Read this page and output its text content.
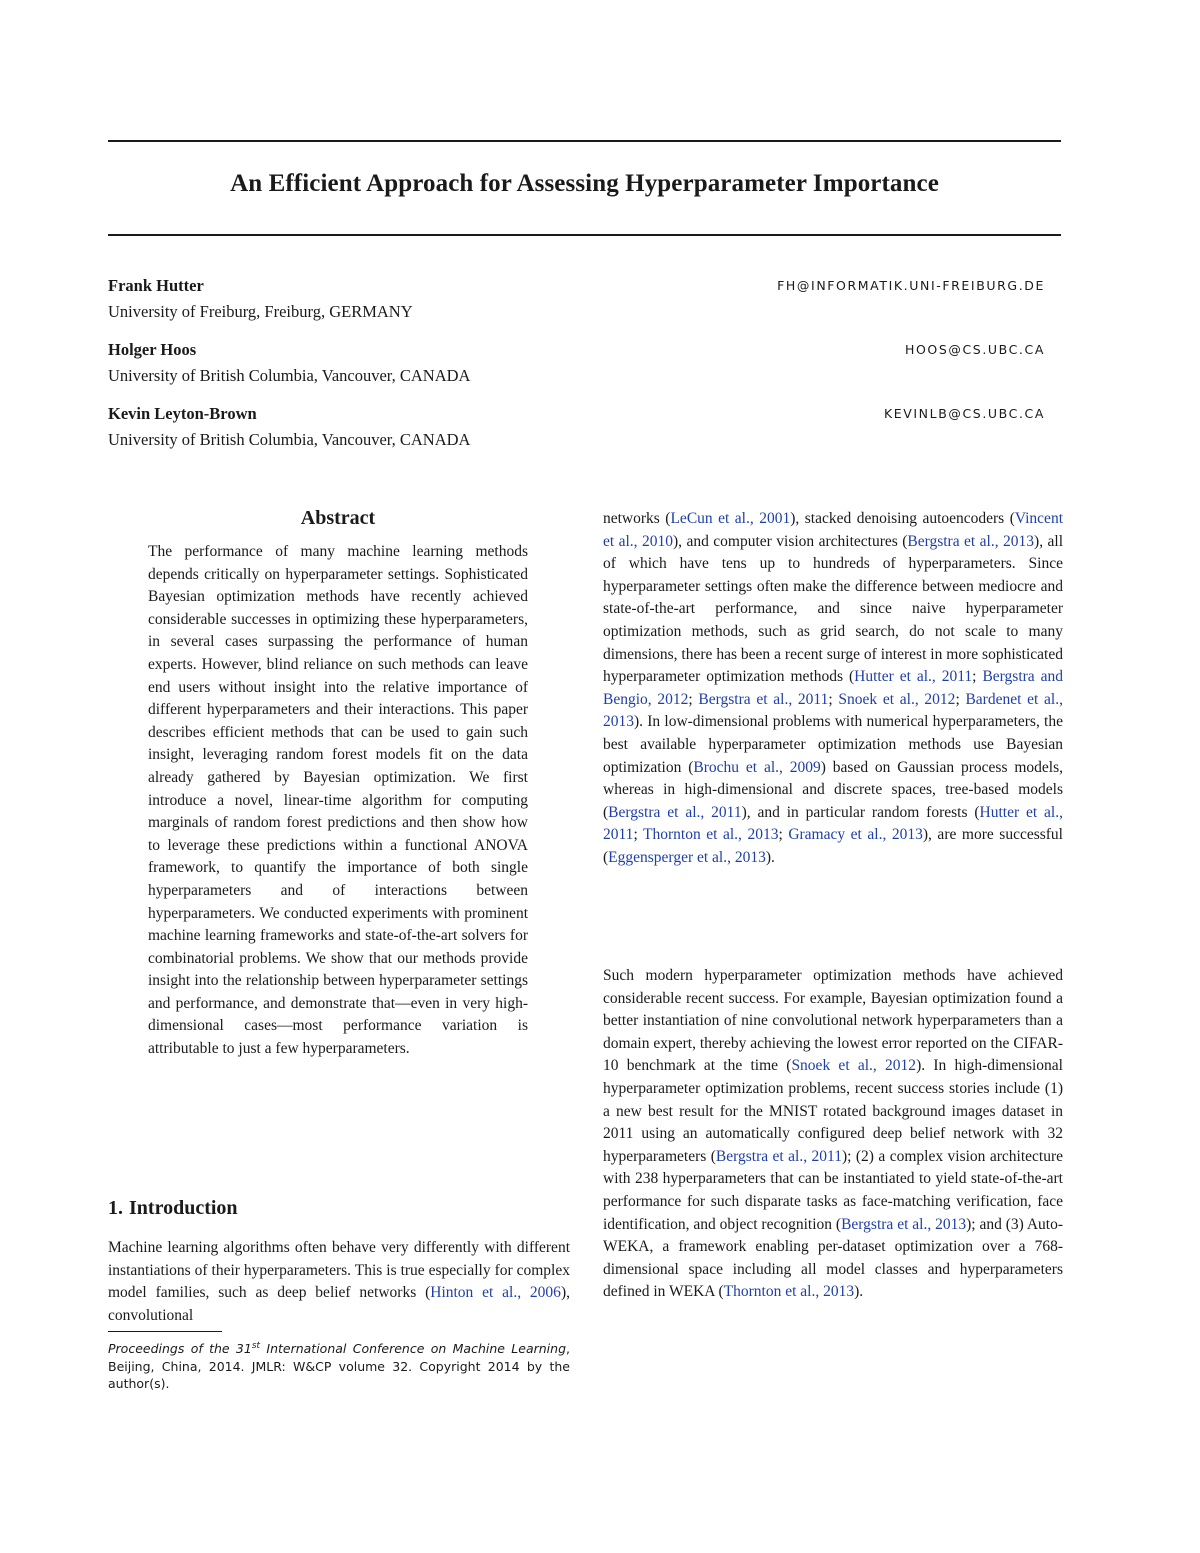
An Efficient Approach for Assessing Hyperparameter Importance
Frank Hutter	FH@INFORMATIK.UNI-FREIBURG.DE
University of Freiburg, Freiburg, GERMANY
Holger Hoos	HOOS@CS.UBC.CA
University of British Columbia, Vancouver, CANADA
Kevin Leyton-Brown	KEVINLB@CS.UBC.CA
University of British Columbia, Vancouver, CANADA
Abstract

The performance of many machine learning methods depends critically on hyperparameter settings. Sophisticated Bayesian optimization methods have recently achieved considerable successes in optimizing these hyperparameters, in several cases surpassing the performance of human experts. However, blind reliance on such methods can leave end users without insight into the relative importance of different hyperparameters and their interactions. This paper describes efficient methods that can be used to gain such insight, leveraging random forest models fit on the data already gathered by Bayesian optimization. We first introduce a novel, linear-time algorithm for computing marginals of random forest predictions and then show how to leverage these predictions within a functional ANOVA framework, to quantify the importance of both single hyperparameters and of interactions between hyperparameters. We conducted experiments with prominent machine learning frameworks and state-of-the-art solvers for combinatorial problems. We show that our methods provide insight into the relationship between hyperparameter settings and performance, and demonstrate that—even in very high-dimensional cases—most performance variation is attributable to just a few hyperparameters.

1. Introduction

Machine learning algorithms often behave very differently with different instantiations of their hyperparameters. This is true especially for complex model families, such as deep belief networks (Hinton et al., 2006), convolutional

Proceedings of the 31st International Conference on Machine Learning, Beijing, China, 2014. JMLR: W&CP volume 32. Copyright 2014 by the author(s).

networks (LeCun et al., 2001), stacked denoising autoencoders (Vincent et al., 2010), and computer vision architectures (Bergstra et al., 2013), all of which have tens up to hundreds of hyperparameters. Since hyperparameter settings often make the difference between mediocre and state-of-the-art performance, and since naive hyperparameter optimization methods, such as grid search, do not scale to many dimensions, there has been a recent surge of interest in more sophisticated hyperparameter optimization methods (Hutter et al., 2011; Bergstra and Bengio, 2012; Bergstra et al., 2011; Snoek et al., 2012; Bardenet et al., 2013). In low-dimensional problems with numerical hyperparameters, the best available hyperparameter optimization methods use Bayesian optimization (Brochu et al., 2009) based on Gaussian process models, whereas in high-dimensional and discrete spaces, tree-based models (Bergstra et al., 2011), and in particular random forests (Hutter et al., 2011; Thornton et al., 2013; Gramacy et al., 2013), are more successful (Eggensperger et al., 2013).

Such modern hyperparameter optimization methods have achieved considerable recent success. For example, Bayesian optimization found a better instantiation of nine convolutional network hyperparameters than a domain expert, thereby achieving the lowest error reported on the CIFAR-10 benchmark at the time (Snoek et al., 2012). In high-dimensional hyperparameter optimization problems, recent success stories include (1) a new best result for the MNIST rotated background images dataset in 2011 using an automatically configured deep belief network with 32 hyperparameters (Bergstra et al., 2011); (2) a complex vision architecture with 238 hyperparameters that can be instantiated to yield state-of-the-art performance for such disparate tasks as face-matching verification, face identification, and object recognition (Bergstra et al., 2013); and (3) Auto-WEKA, a framework enabling per-dataset optimization over a 768-dimensional space including all model classes and hyperparameters defined in WEKA (Thornton et al., 2013).
